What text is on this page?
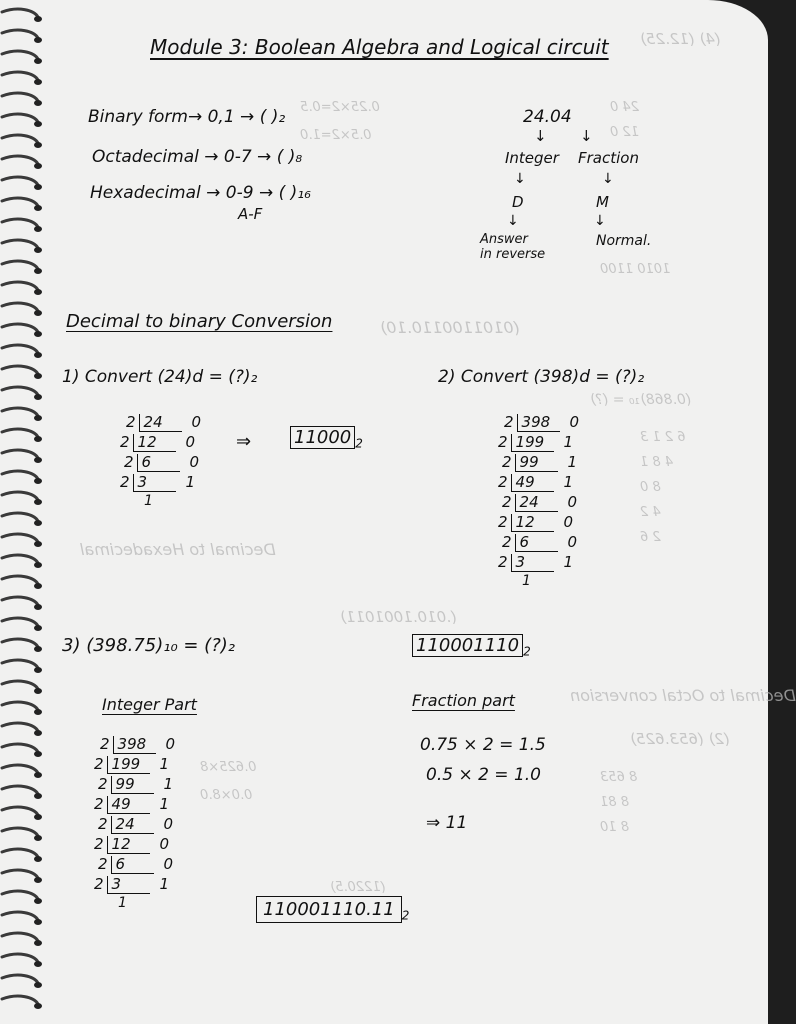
(4) (12.25)
0.25×2=0.5
0.5×2=1.0
24 0
12 0
1010 1100
(0101100110.10)
(0.868)₁₀ = (?)
Decimal to Hexadecimal
6 2 1 3
4 8 1
8 0
4 2
2 6
(.010.1001011)
Decimal to Octal conversion
(2) (653.625)
8 653
8 81
8 10
0.625×8
0.0×8.0
(1220.5)
Module 3: Boolean Algebra and Logical circuit
Binary form→ 0,1 → ( )₂
Octadecimal → 0-7 → ( )₈
Hexadecimal → 0-9 → ( )₁₆
A-F
24.04
↓ ↓
Integer Fraction
↓	↓
D	M
↓	↓
Answer
in reverse
Normal.
Decimal to binary Conversion
1) Convert (24)d = (?)₂
2 24 0
2 12 0
2 6	0
2 3	1
1
⇒ 11000 $_2$
2) Convert (398)d = (?)₂
2 398 0
2 199 1
2 99 1
2 49 1
2 24 0
2 12 0
2 6	0
2 3	1
1
3) (398.75)₁₀ = (?)₂	110001110 $_2$
Integer Part	Fraction part
2 398 0
2 199 1
2 99 1
2 49 1
2 24 0
2 12 0
2 6	0
2 3	1
1
0.75 × 2 = 1.5
0.5 × 2 = 1.0
⇒ 11
110001110.11 $_2$
